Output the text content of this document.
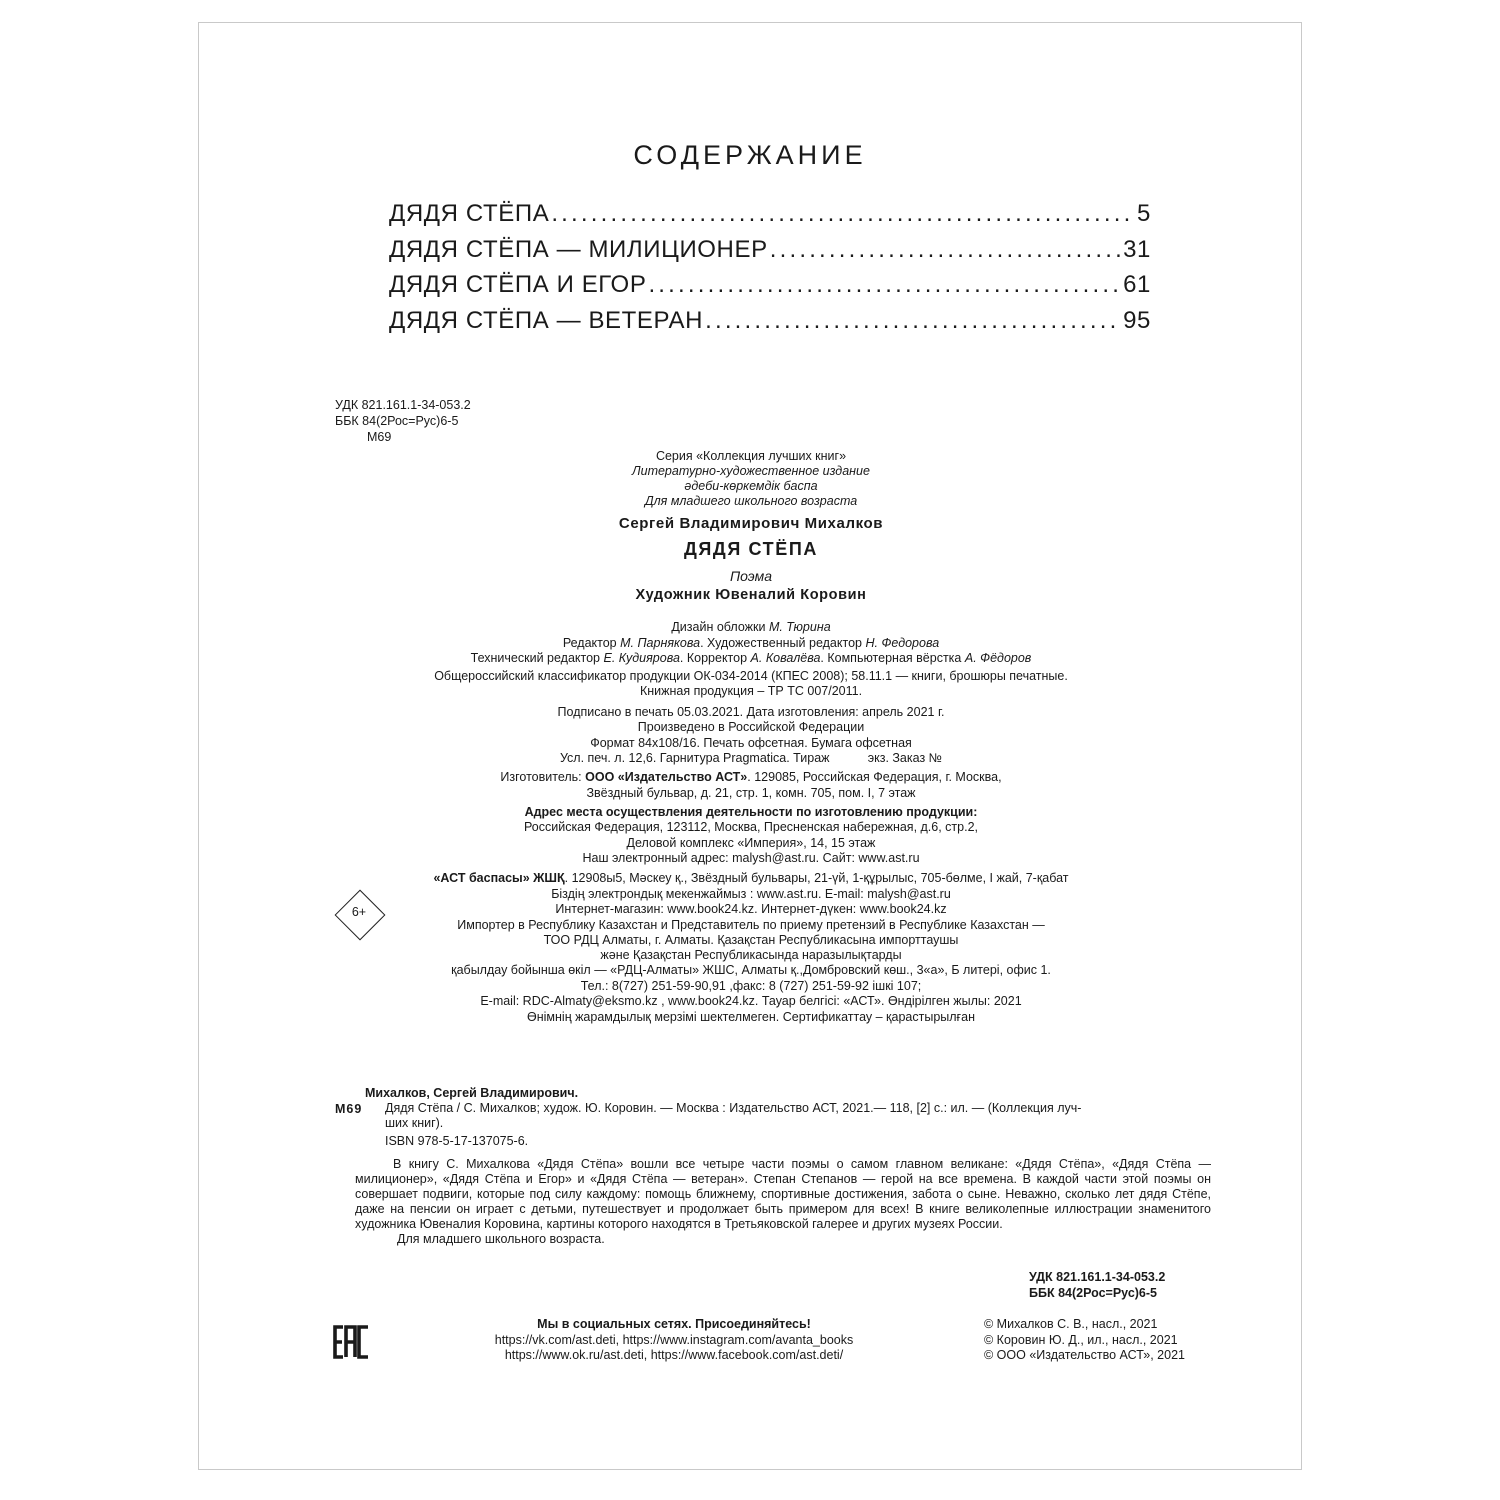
СОДЕРЖАНИЕ
ДЯДЯ СТЁПА .....	5
ДЯДЯ СТЁПА — МИЛИЦИОНЕР .....	31
ДЯДЯ СТЁПА И ЕГОР .....	61
ДЯДЯ СТЁПА — ВЕТЕРАН .....	95
УДК 821.161.1-34-053.2
ББК 84(2Рос=Рус)6-5
М69
Серия «Коллекция лучших книг»
Литературно-художественное издание
әдеби-көркемдік баспа
Для младшего школьного возраста
Сергей Владимирович Михалков
ДЯДЯ СТЁПА
Поэма
Художник Ювеналий Коровин
Дизайн обложки М. Тюрина
Редактор М. Парнякова. Художественный редактор Н. Федорова
Технический редактор Е. Кудиярова. Корректор А. Ковалёва. Компьютерная вёрстка А. Фёдоров
Общероссийский классификатор продукции ОК-034-2014 (КПЕС 2008); 58.11.1 — книги, брошюры печатные.
Книжная продукция – ТР ТС 007/2011.
Подписано в печать 05.03.2021. Дата изготовления: апрель 2021 г.
Произведено в Российской Федерации
Формат 84x108/16. Печать офсетная. Бумага офсетная
Усл. печ. л. 12,6. Гарнитура Pragmatica. Тираж           экз. Заказ №
Изготовитель: ООО «Издательство АСТ». 129085, Российская Федерация, г. Москва,
Звёздный бульвар, д. 21, стр. 1, комн. 705, пом. I, 7 этаж
Адрес места осуществления деятельности по изготовлению продукции:
Российская Федерация, 123112, Москва, Пресненская набережная, д.6, стр.2,
Деловой комплекс «Империя», 14, 15 этаж
Наш электронный адрес: malysh@ast.ru. Сайт: www.ast.ru
«АСТ баспасы» ЖШҚ. 12908ы5, Мәскеу қ., Звёздный бульвары, 21-үй, 1-құрылыс, 705-бөлме, I жай, 7-қабат
Біздің электрондық мекенжаймыз : www.ast.ru. E-mail: malysh@ast.ru
Интернет-магазин: www.book24.kz. Интернет-дүкен: www.book24.kz
Импортер в Республику Казахстан и Представитель по приему претензий в Республике Казахстан —
ТОО РДЦ Алматы, г. Алматы. Қазақстан Республикасына импорттаушы
және Қазақстан Республикасында наразылықтарды
қабылдау бойынша өкіл — «РДЦ-Алматы» ЖШС, Алматы қ.,Домбровский көш., 3«а», Б литері, офис 1.
Тел.: 8(727) 251-59-90,91 ,факс: 8 (727) 251-59-92 ішкі 107;
E-mail: RDC-Almaty@eksmo.kz , www.book24.kz. Тауар белгісі: «АСТ». Өндірілген жылы: 2021
Өнімнің жарамдылық мерзімі шектелмеген. Сертификаттау – қарастырылған
6+
Михалков, Сергей Владимирович.
М69 Дядя Стёпа / С. Михалков; худож. Ю. Коровин. — Москва : Издательство АСТ, 2021.— 118, [2] с.: ил. — (Коллекция луч-
ших книг).
ISBN 978-5-17-137075-6.
В книгу С. Михалкова «Дядя Стёпа» вошли все четыре части поэмы о самом главном великане: «Дядя Стёпа», «Дядя Стёпа — милиционер», «Дядя Стёпа и Егор» и «Дядя Стёпа — ветеран». Степан Степанов — герой на все времена. В каждой части этой поэмы он совершает подвиги, которые под силу каждому: помощь ближнему, спортивные достижения, забота о сыне. Неважно, сколько лет дядя Стёпе, даже на пенсии он играет с детьми, путешествует и продолжает быть примером для всех! В книге великолепные иллюстрации знаменитого художника Ювеналия Коровина, картины которого находятся в Третьяковской галерее и других музеях России.
Для младшего школьного возраста.
УДК 821.161.1-34-053.2
ББК 84(2Рос=Рус)6-5
Мы в социальных сетях. Присоединяйтесь!
https://vk.com/ast.deti, https://www.instagram.com/avanta_books
https://www.ok.ru/ast.deti, https://www.facebook.com/ast.deti/
© Михалков С. В., насл., 2021
© Коровин Ю. Д., ил., насл., 2021
© ООО «Издательство АСТ», 2021
